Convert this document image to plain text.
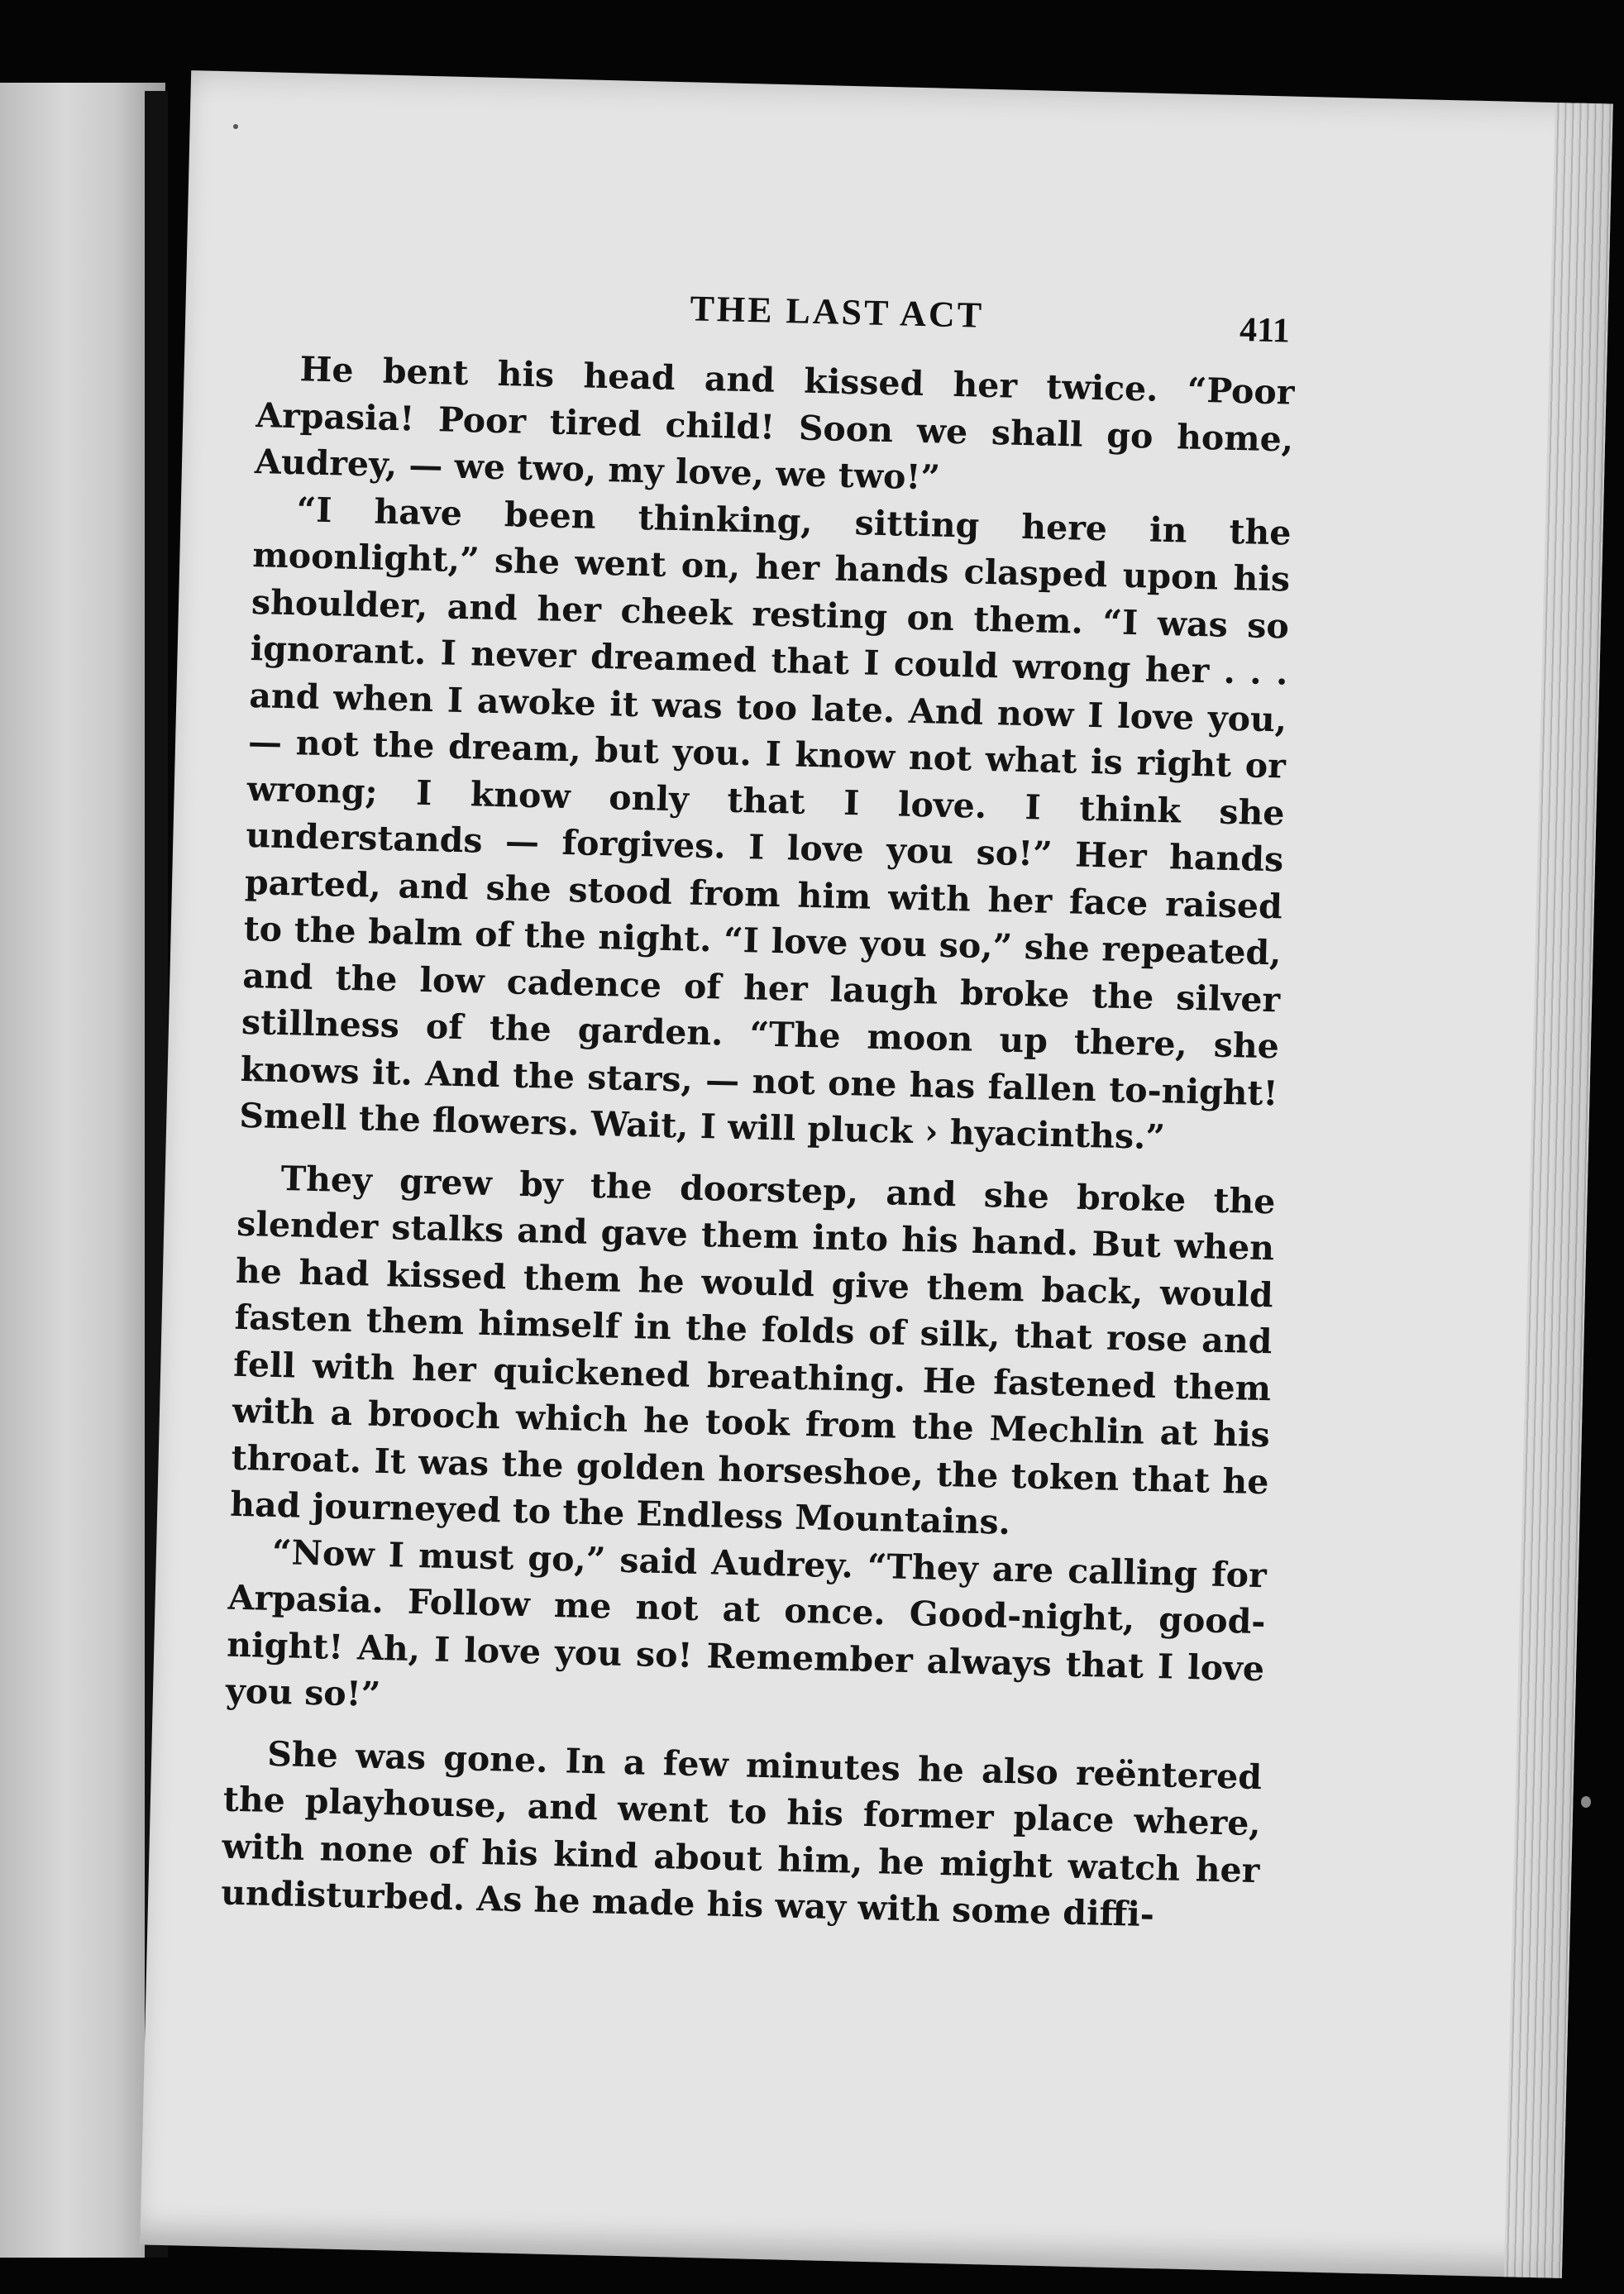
THE LAST ACT	411

He bent his head and kissed her twice. “Poor Arpasia! Poor tired child! Soon we shall go home, Audrey, — we two, my love, we two!”

“I have been thinking, sitting here in the moonlight,” she went on, her hands clasped upon his shoulder, and her cheek resting on them. “I was so ignorant. I never dreamed that I could wrong her . . . and when I awoke it was too late. And now I love you, — not the dream, but you. I know not what is right or wrong; I know only that I love. I think she understands — forgives. I love you so!” Her hands parted, and she stood from him with her face raised to the balm of the night. “I love you so,” she repeated, and the low cadence of her laugh broke the silver stillness of the garden. “The moon up there, she knows it. And the stars, — not one has fallen to-night! Smell the flowers. Wait, I will pluck › hyacinths.”

They grew by the doorstep, and she broke the slender stalks and gave them into his hand. But when he had kissed them he would give them back, would fasten them himself in the folds of silk, that rose and fell with her quickened breathing. He fastened them with a brooch which he took from the Mechlin at his throat. It was the golden horseshoe, the token that he had journeyed to the Endless Mountains.

“Now I must go,” said Audrey. “They are calling for Arpasia. Follow me not at once. Good-night, good-night! Ah, I love you so! Remember always that I love you so!”

She was gone. In a few minutes he also reëntered the playhouse, and went to his former place where, with none of his kind about him, he might watch her undisturbed. As he made his way with some diffi-
